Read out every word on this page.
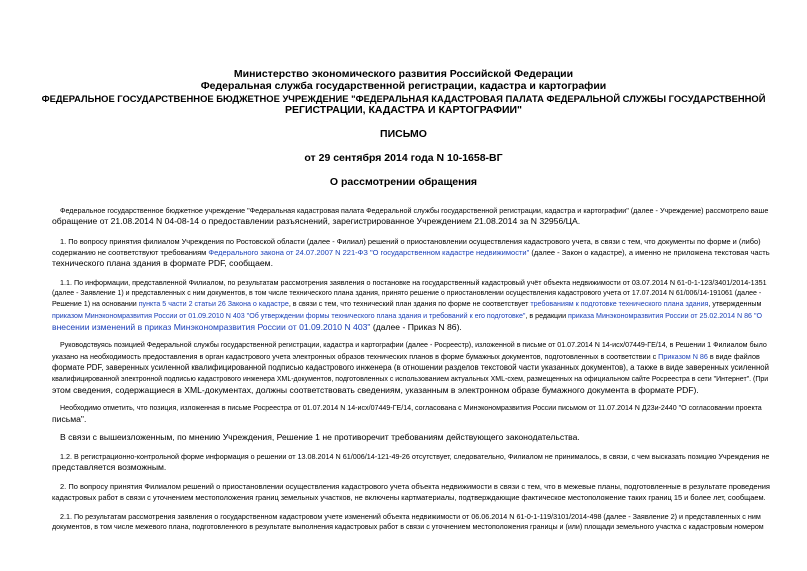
Министерство экономического развития Российской Федерации
Федеральная служба государственной регистрации, кадастра и картографии
ФЕДЕРАЛЬНОЕ ГОСУДАРСТВЕННОЕ БЮДЖЕТНОЕ УЧРЕЖДЕНИЕ "ФЕДЕРАЛЬНАЯ КАДАСТРОВАЯ ПАЛАТА ФЕДЕРАЛЬНОЙ СЛУЖБЫ ГОСУДАРСТВЕННОЙ
РЕГИСТРАЦИИ, КАДАСТРА И КАРТОГРАФИИ"
ПИСЬМО
от 29 сентября 2014 года N 10-1658-ВГ
О рассмотрении обращения
Федеральное государственное бюджетное учреждение "Федеральная кадастровая палата Федеральной службы государственной регистрации, кадастра и картографии" (далее - Учреждение) рассмотрело ваше
обращение от 21.08.2014 N 04-08-14 о предоставлении разъяснений, зарегистрированное Учреждением 21.08.2014 за N 32956/ЦА.
1. По вопросу принятия филиалом Учреждения по Ростовской области (далее - Филиал) решений о приостановлении осуществления кадастрового учета, в связи с тем, что документы по форме и (либо)
содержанию не соответствуют требованиям Федерального закона от 24.07.2007 N 221-ФЗ "О государственном кадастре недвижимости" (далее - Закон о кадастре), а именно не приложена текстовая часть
технического плана здания в формате PDF, сообщаем.
1.1. По информации, представленной Филиалом, по результатам рассмотрения заявления о постановке на государственный кадастровый учёт объекта недвижимости от 03.07.2014 N 61-0-1-123/3401/2014-1351
(далее - Заявление 1) и представленных с ним документов, в том числе технического плана здания, принято решение о приостановлении осуществления кадастрового учета от 17.07.2014 N 61/006/14-191061 (далее -
Решение 1) на основании пункта 5 части 2 статьи 26 Закона о кадастре, в связи с тем, что технический план здания по форме не соответствует требованиям к подготовке технического плана здания, утвержденным
приказом Минэкономразвития России от 01.09.2010 N 403 "Об утверждении формы технического плана здания и требований к его подготовке", в редакции приказа Минэкономразвития России от 25.02.2014 N 86 "О
внесении изменений в приказ Минэкономразвития России от 01.09.2010 N 403" (далее - Приказ N 86).
Руководствуясь позицией Федеральной службы государственной регистрации, кадастра и картографии (далее - Росреестр), изложенной в письме от 01.07.2014 N 14-исх/07449-ГЕ/14, в Решении 1 Филиалом было
указано на необходимость предоставления в орган кадастрового учета электронных образов технических планов в форме бумажных документов, подготовленных в соответствии с Приказом N 86 в виде файлов
формате PDF, заверенных усиленной квалифицированной подписью кадастрового инженера (в отношении разделов текстовой части указанных документов), а также в виде заверенных усиленной
квалифицированной электронной подписью кадастрового инженера XML-документов, подготовленных с использованием актуальных XML-схем, размещенных на официальном сайте Росреестра в сети "Интернет". (При
этом сведения, содержащиеся в XML-документах, должны соответствовать сведениям, указанным в электронном образе бумажного документа в формате PDF).
Необходимо отметить, что позиция, изложенная в письме Росреестра от 01.07.2014 N 14-исх/07449-ГЕ/14, согласована с Минэкономразвития России письмом от 11.07.2014 N Д23и-2440 "О согласовании проекта
письма".
В связи с вышеизложенным, по мнению Учреждения, Решение 1 не противоречит требованиям действующего законодательства.
1.2. В регистрационно-контрольной форме информация о решении от 13.08.2014 N 61/006/14-121-49-26 отсутствует, следовательно, Филиалом не принималось, в связи, с чем высказать позицию Учреждения не
представляется возможным.
2. По вопросу принятия Филиалом решений о приостановлении осуществления кадастрового учета объекта недвижимости в связи с тем, что в межевые планы, подготовленные в результате проведения
кадастровых работ в связи с уточнением местоположения границ земельных участков, не включены картматериалы, подтверждающие фактическое местоположение таких границ 15 и более лет, сообщаем.
2.1. По результатам рассмотрения заявления о государственном кадастровом учете изменений объекта недвижимости от 06.06.2014 N 61-0-1-119/3101/2014-498 (далее - Заявление 2) и представленных с ним
документов, в том числе межевого плана, подготовленного в результате выполнения кадастровых работ в связи с уточнением местоположения границы и (или) площади земельного участка с кадастровым номером
